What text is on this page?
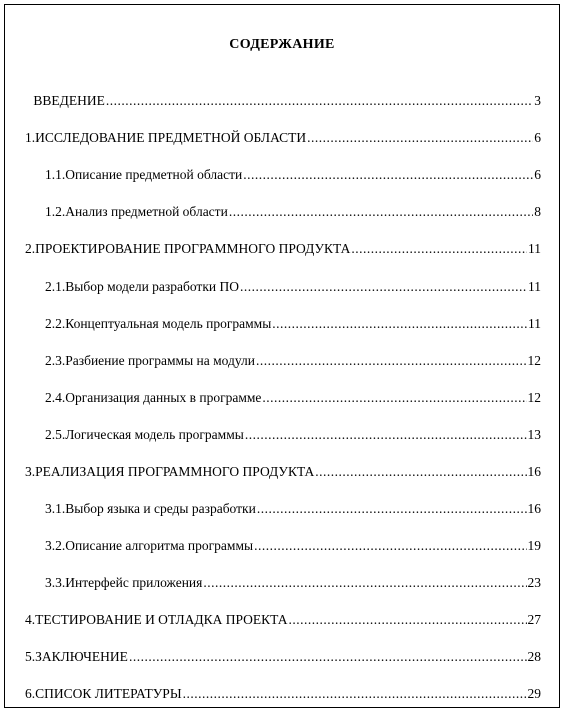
СОДЕРЖАНИЕ
ВВЕДЕНИЕ .....	3
1. ИССЛЕДОВАНИЕ ПРЕДМЕТНОЙ ОБЛАСТИ .....	6
1.1. Описание предметной области .....	6
1.2. Анализ предметной области .....	8
2. ПРОЕКТИРОВАНИЕ ПРОГРАММНОГО ПРОДУКТА .....	11
2.1. Выбор модели разработки ПО .....	11
2.2. Концептуальная модель программы .....	11
2.3. Разбиение программы на модули .....	12
2.4. Организация данных в программе .....	12
2.5. Логическая модель программы .....	13
3. РЕАЛИЗАЦИЯ ПРОГРАММНОГО ПРОДУКТА .....	16
3.1. Выбор языка и среды разработки .....	16
3.2. Описание алгоритма программы .....	19
3.3. Интерфейс приложения .....	23
4. ТЕСТИРОВАНИЕ И ОТЛАДКА ПРОЕКТА .....	27
5. ЗАКЛЮЧЕНИЕ .....	28
6. СПИСОК ЛИТЕРАТУРЫ .....	29
